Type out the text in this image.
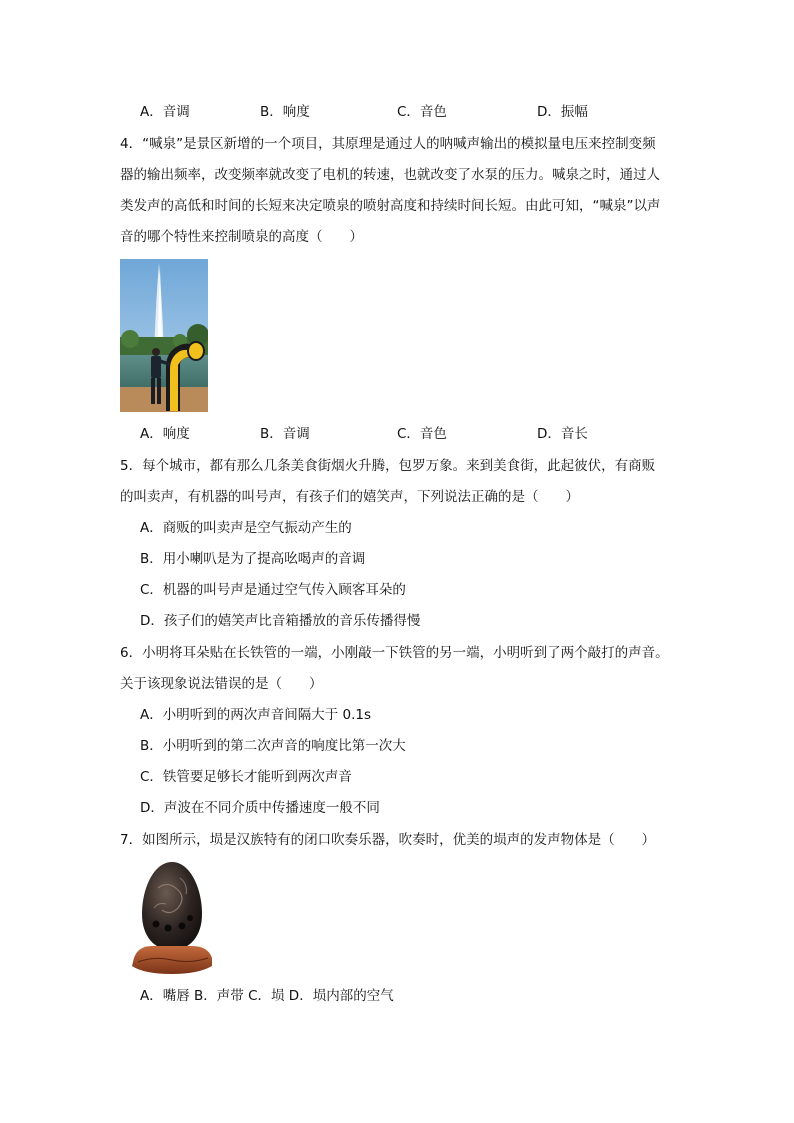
A．音调	B．响度	C．音色	D．振幅
4．“喊泉”是景区新增的一个项目，其原理是通过人的呐喊声输出的模拟量电压来控制变频
器的输出频率，改变频率就改变了电机的转速，也就改变了水泵的压力。喊泉之时，通过人
类发声的高低和时间的长短来决定喷泉的喷射高度和持续时间长短。由此可知，“喊泉”以声
音的哪个特性来控制喷泉的高度（　　）
A．响度	B．音调	C．音色	D．音长
5．每个城市，都有那么几条美食街烟火升腾，包罗万象。来到美食街，此起彼伏，有商贩
的叫卖声，有机器的叫号声，有孩子们的嬉笑声，下列说法正确的是（　　）
A．商贩的叫卖声是空气振动产生的
B．用小喇叭是为了提高吆喝声的音调
C．机器的叫号声是通过空气传入顾客耳朵的
D．孩子们的嬉笑声比音箱播放的音乐传播得慢
6．小明将耳朵贴在长铁管的一端，小刚敲一下铁管的另一端，小明听到了两个敲打的声音。
关于该现象说法错误的是（　　）
A．小明听到的两次声音间隔大于 0.1s
B．小明听到的第二次声音的响度比第一次大
C．铁管要足够长才能听到两次声音
D．声波在不同介质中传播速度一般不同
7．如图所示，埙是汉族特有的闭口吹奏乐器，吹奏时，优美的埙声的发声物体是（　　）
A．嘴唇 B．声带 C．埙 D．埙内部的空气
